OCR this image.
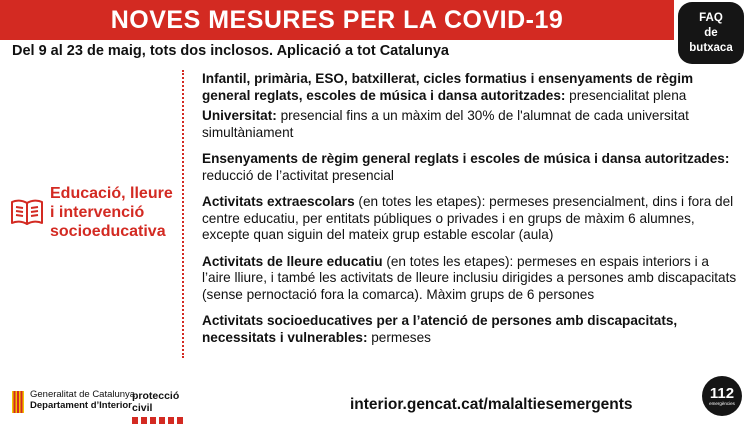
NOVES MESURES PER LA COVID-19	FAQ
de
butxaca
Del 9 al 23 de maig, tots dos inclosos. Aplicació a tot Catalunya
Educació, lleure i intervenció socioeducativa
Infantil, primària, ESO, batxillerat, cicles formatius i ensenyaments de règim general reglats, escoles de música i dansa autoritzades: presencialitat plena
Universitat: presencial fins a un màxim del 30% de l'alumnat de cada universitat simultàniament
Ensenyaments de règim general reglats i escoles de música i dansa autoritzades: reducció de l’activitat presencial
Activitats extraescolars (en totes les etapes): permeses presencialment, dins i fora del centre educatiu, per entitats públiques o privades i en grups de màxim 6 alumnes, excepte quan siguin del mateix grup estable escolar (aula)
Activitats de lleure educatiu (en totes les etapes): permeses en espais interiors i a l’aire lliure, i també les activitats de lleure inclusiu dirigides a persones amb discapacitats (sense pernoctació fora la comarca). Màxim grups de 6 persones
Activitats socioeducatives per a l’atenció de persones amb discapacitats, necessitats i vulnerables: permeses
Generalitat de Catalunya
Departament d’Interior
protecció civil	interior.gencat.cat/malaltiesemergents
112
emergències
